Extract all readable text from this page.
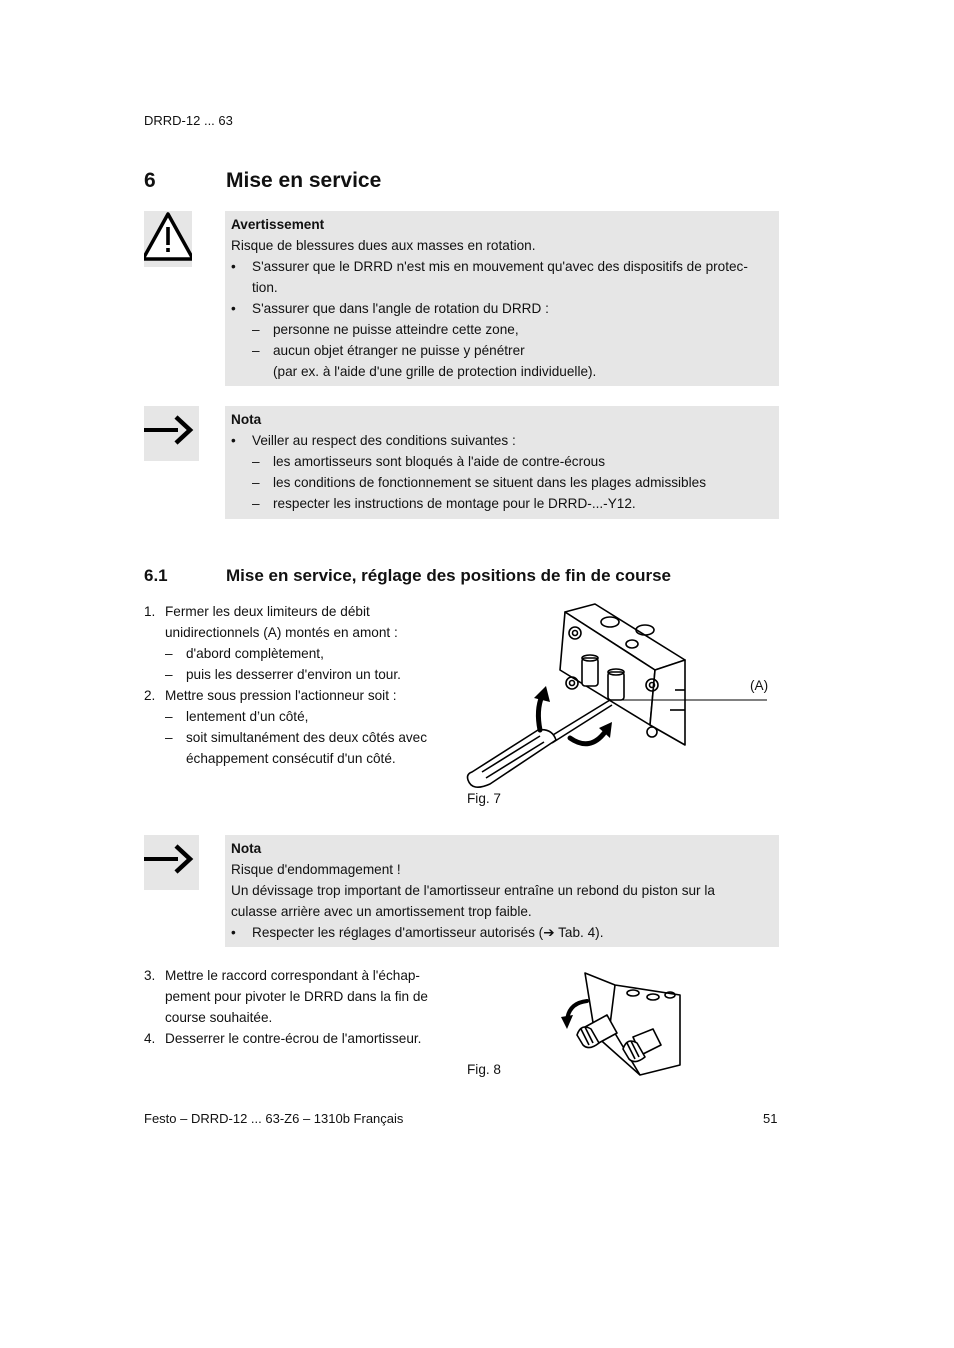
DRRD-12 ... 63
6	Mise en service
Avertissement
Risque de blessures dues aux masses en rotation.
• S'assurer que le DRRD n'est mis en mouvement qu'avec des dispositifs de protec-
tion.
• S'assurer que dans l'angle de rotation du DRRD :
– personne ne puisse atteindre cette zone,
– aucun objet étranger ne puisse y pénétrer
(par ex. à l'aide d'une grille de protection individuelle).
Nota
• Veiller au respect des conditions suivantes :
– les amortisseurs sont bloqués à l'aide de contre-écrous
– les conditions de fonctionnement se situent dans les plages admissibles
– respecter les instructions de montage pour le DRRD-...-Y12.
6.1	Mise en service, réglage des positions de fin de course
1. Fermer les deux limiteurs de débit
unidirectionnels (A) montés en amont :
– d'abord complètement,
– puis les desserrer d'environ un tour.
2. Mettre sous pression l'actionneur soit :
– lentement d’un côté,
– soit simultanément des deux côtés avec
échappement consécutif d'un côté.
(A)
Fig. 7
Nota
Risque d'endommagement !
Un dévissage trop important de l'amortisseur entraîne un rebond du piston sur la
culasse arrière avec un amortissement trop faible.
• Respecter les réglages d'amortisseur autorisés (➔ Tab. 4).
3. Mettre le raccord correspondant à l'échap-
pement pour pivoter le DRRD dans la fin de
course souhaitée.
4. Desserrer le contre-écrou de l'amortisseur.
Fig. 8
Festo – DRRD-12 ... 63-Z6 – 1310b Français	51
